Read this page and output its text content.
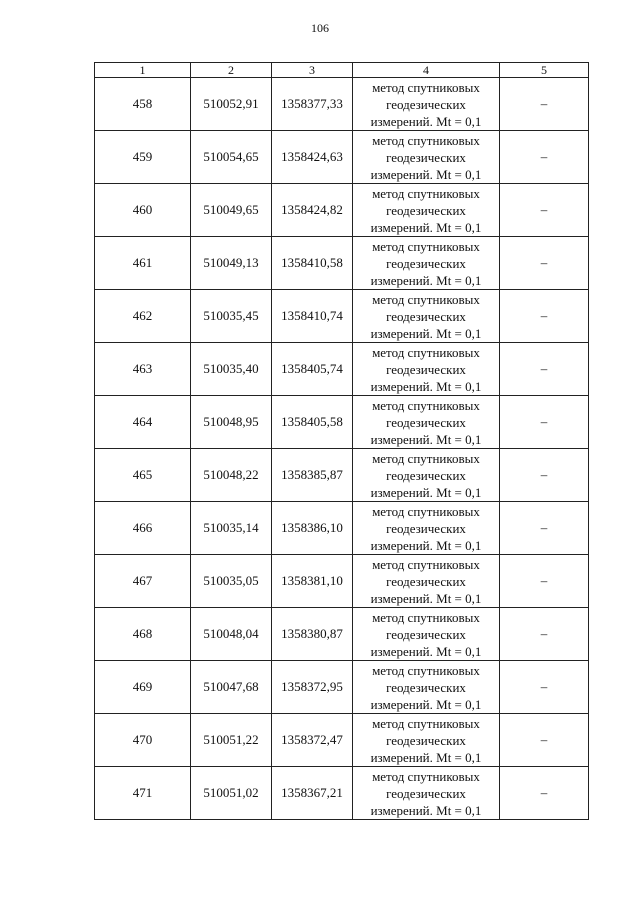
106
1	2	3	4	5
458	510052,91	1358377,33	метод спутниковых
геодезических
измерений. Mt = 0,1	–
459	510054,65	1358424,63	метод спутниковых
геодезических
измерений. Mt = 0,1	–
460	510049,65	1358424,82	метод спутниковых
геодезических
измерений. Mt = 0,1	–
461	510049,13	1358410,58	метод спутниковых
геодезических
измерений. Mt = 0,1	–
462	510035,45	1358410,74	метод спутниковых
геодезических
измерений. Mt = 0,1	–
463	510035,40	1358405,74	метод спутниковых
геодезических
измерений. Mt = 0,1	–
464	510048,95	1358405,58	метод спутниковых
геодезических
измерений. Mt = 0,1	–
465	510048,22	1358385,87	метод спутниковых
геодезических
измерений. Mt = 0,1	–
466	510035,14	1358386,10	метод спутниковых
геодезических
измерений. Mt = 0,1	–
467	510035,05	1358381,10	метод спутниковых
геодезических
измерений. Mt = 0,1	–
468	510048,04	1358380,87	метод спутниковых
геодезических
измерений. Mt = 0,1	–
469	510047,68	1358372,95	метод спутниковых
геодезических
измерений. Mt = 0,1	–
470	510051,22	1358372,47	метод спутниковых
геодезических
измерений. Mt = 0,1	–
471	510051,02	1358367,21	метод спутниковых
геодезических
измерений. Mt = 0,1	–
